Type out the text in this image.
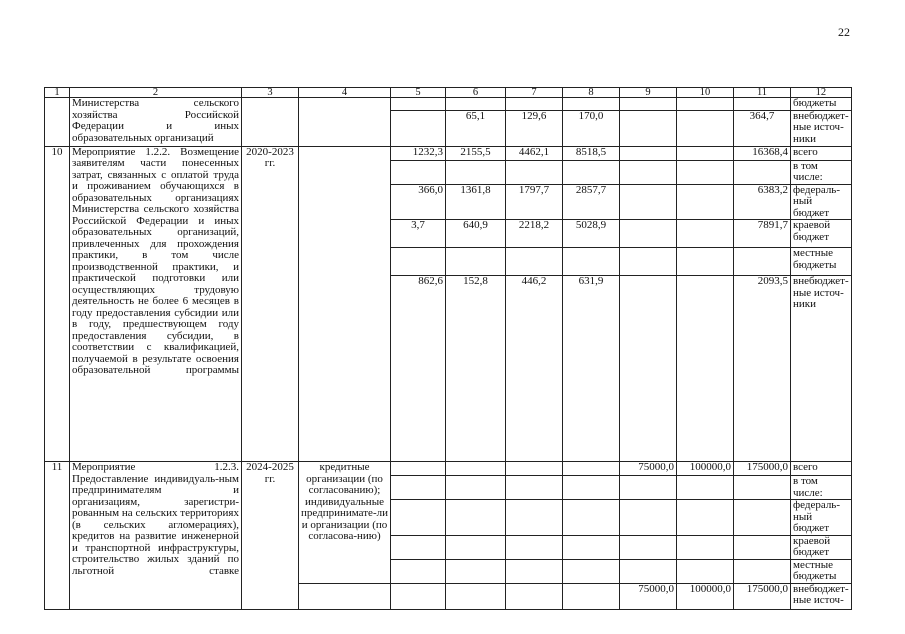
22
1	2	3	4	5	6	7	8	9	10	11	12

	Министерства сельского
хозяйства Российской
Федерации и иных
образовательных организаций										бюджеты
					65,1	129,6	170,0			364,7	внебюджет-ные источ-ники
10	Мероприятие 1.2.2. Возмещение заявителям части понесенных затрат, связанных с оплатой труда и проживанием обучающихся в образовательных организациях Министерства сельского хозяйства Российской Федерации и иных образовательных организаций, привлеченных для прохождения практики, в том числе производственной практики, и практической подготовки или осуществляющих трудовую деятельность не более 6 месяцев в году предоставления субсидии или в году, предшествующем году предоставления субсидии, в соответствии с квалификацией, получаемой в результате освоения образовательной программы	2020-2023 гг.		1232,3	2155,5	4462,1	8518,5			16368,4	всего
											в том числе:
				366,0	1361,8	1797,7	2857,7			6383,2	федераль-ный бюджет
				3,7	640,9	2218,2	5028,9			7891,7	краевой бюджет
											местные бюджеты
				862,6	152,8	446,2	631,9			2093,5	внебюджет-ные источ-ники
11	Мероприятие 1.2.3. Предоставление индивидуаль-ным предпринимателям и организациям, зарегистри-рованным на сельских территориях (в сельских агломерациях), кредитов на развитие инженерной и транспортной инфраструктуры, строительство жилых зданий по льготной ставке	2024-2025 гг.	кредитные организации (по согласованию); индивидуальные предпринимате-ли и организации (по согласова-нию)					75000,0	100000,0	175000,0	всего
											в том числе:
											федераль-ный бюджет
											краевой бюджет
											местные бюджеты
								75000,0	100000,0	175000,0	внебюджет-ные источ-
